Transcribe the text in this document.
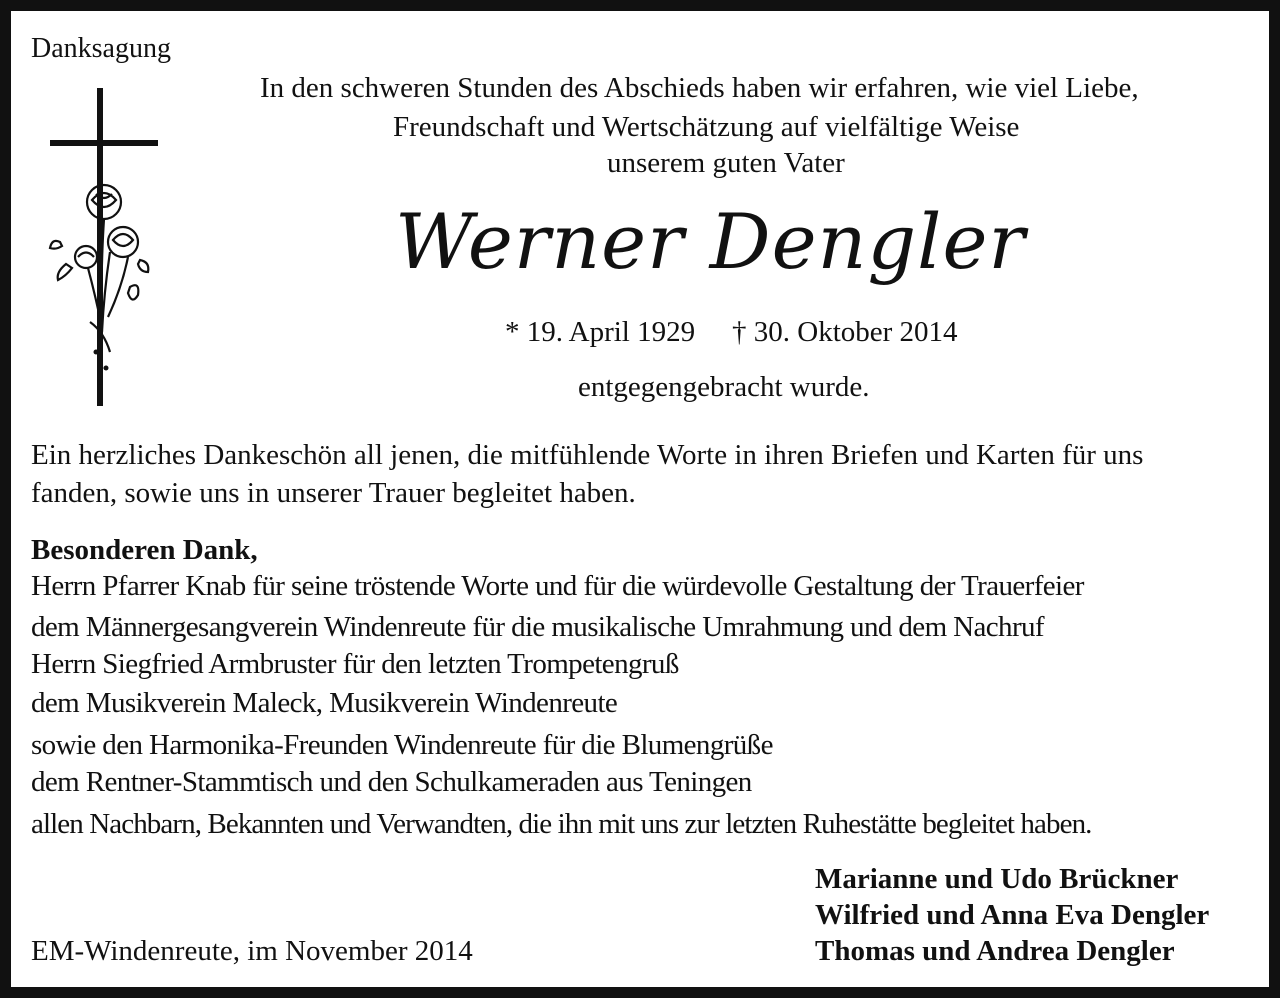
Danksagung
In den schweren Stunden des Abschieds haben wir erfahren, wie viel Liebe,
Freundschaft und Wertschätzung auf vielfältige Weise
unserem guten Vater
Werner Dengler
* 19. April 1929 † 30. Oktober 2014
entgegengebracht wurde.
Ein herzliches Dankeschön all jenen, die mitfühlende Worte in ihren Briefen und Karten für uns
fanden, sowie uns in unserer Trauer begleitet haben.
Besonderen Dank,
Herrn Pfarrer Knab für seine tröstende Worte und für die würdevolle Gestaltung der Trauerfeier
dem Männergesangverein Windenreute für die musikalische Umrahmung und dem Nachruf
Herrn Siegfried Armbruster für den letzten Trompetengruß
dem Musikverein Maleck, Musikverein Windenreute
sowie den Harmonika-Freunden Windenreute für die Blumengrüße
dem Rentner-Stammtisch und den Schulkameraden aus Teningen
allen Nachbarn, Bekannten und Verwandten, die ihn mit uns zur letzten Ruhestätte begleitet haben.
Marianne und Udo Brückner
Wilfried und Anna Eva Dengler
Thomas und Andrea Dengler
EM-Windenreute, im November 2014
